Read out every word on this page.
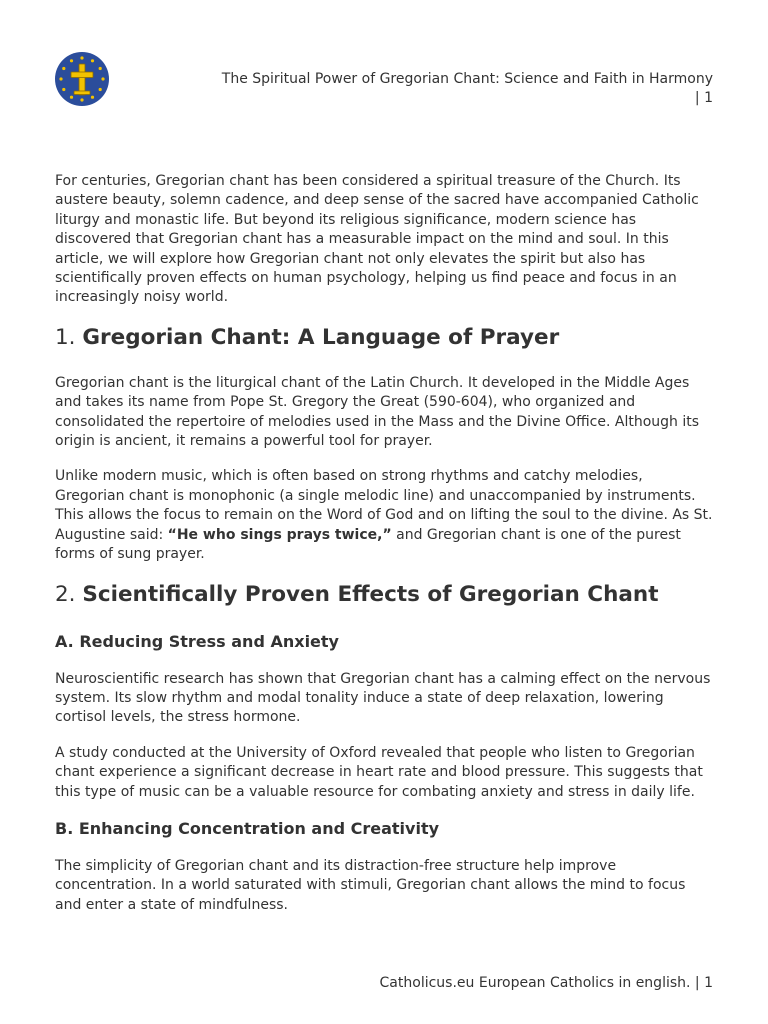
The Spiritual Power of Gregorian Chant: Science and Faith in Harmony
| 1

For centuries, Gregorian chant has been considered a spiritual treasure of the Church. Its austere beauty, solemn cadence, and deep sense of the sacred have accompanied Catholic liturgy and monastic life. But beyond its religious significance, modern science has discovered that Gregorian chant has a measurable impact on the mind and soul. In this article, we will explore how Gregorian chant not only elevates the spirit but also has scientifically proven effects on human psychology, helping us find peace and focus in an increasingly noisy world.

1. Gregorian Chant: A Language of Prayer

Gregorian chant is the liturgical chant of the Latin Church. It developed in the Middle Ages and takes its name from Pope St. Gregory the Great (590-604), who organized and consolidated the repertoire of melodies used in the Mass and the Divine Office. Although its origin is ancient, it remains a powerful tool for prayer.

Unlike modern music, which is often based on strong rhythms and catchy melodies, Gregorian chant is monophonic (a single melodic line) and unaccompanied by instruments. This allows the focus to remain on the Word of God and on lifting the soul to the divine. As St. Augustine said: “He who sings prays twice,” and Gregorian chant is one of the purest forms of sung prayer.

2. Scientifically Proven Effects of Gregorian Chant
A. Reducing Stress and Anxiety

Neuroscientific research has shown that Gregorian chant has a calming effect on the nervous system. Its slow rhythm and modal tonality induce a state of deep relaxation, lowering cortisol levels, the stress hormone.

A study conducted at the University of Oxford revealed that people who listen to Gregorian chant experience a significant decrease in heart rate and blood pressure. This suggests that this type of music can be a valuable resource for combating anxiety and stress in daily life.

B. Enhancing Concentration and Creativity

The simplicity of Gregorian chant and its distraction-free structure help improve concentration. In a world saturated with stimuli, Gregorian chant allows the mind to focus and enter a state of mindfulness.

Catholicus.eu European Catholics in english. | 1
